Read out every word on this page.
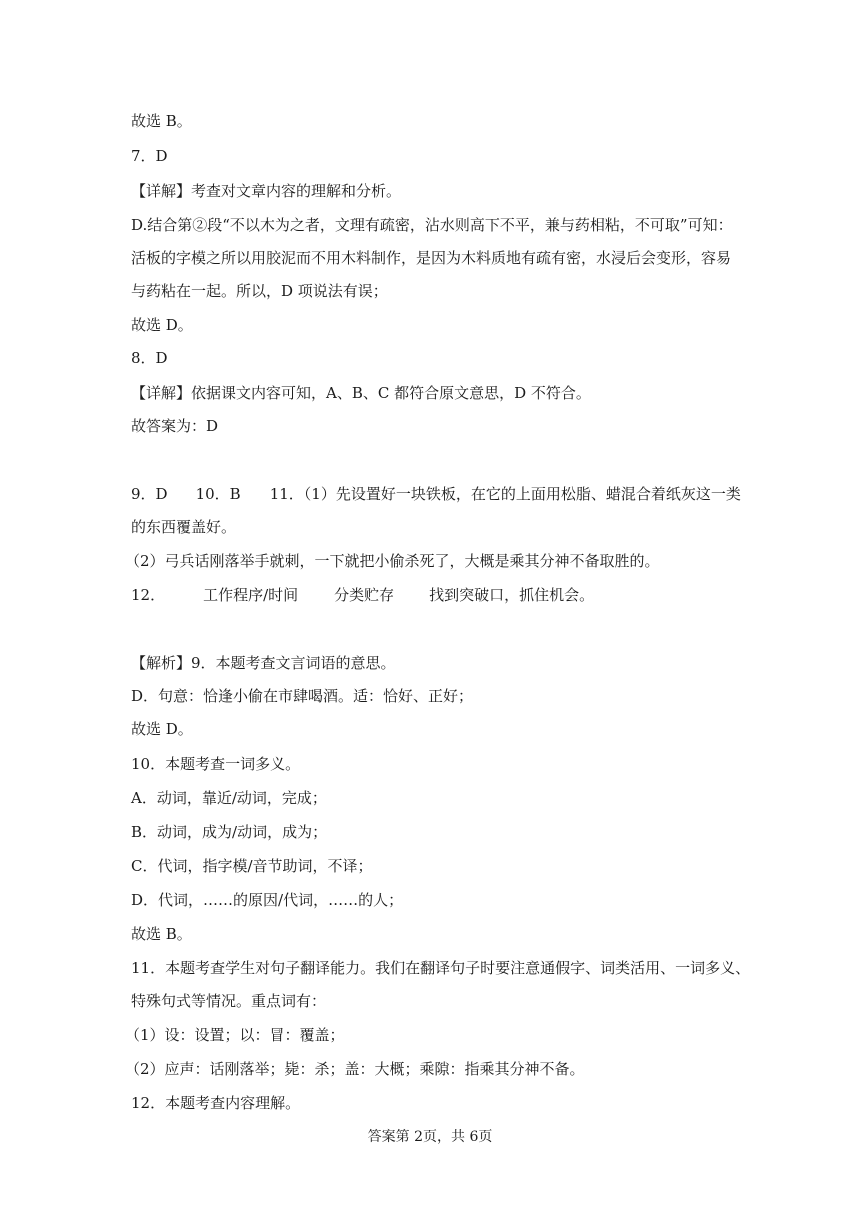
故选 B。
7．D
【详解】考查对文章内容的理解和分析。
D.结合第②段“不以木为之者，文理有疏密，沾水则高下不平，兼与药相粘，不可取”可知：
活板的字模之所以用胶泥而不用木料制作，是因为木料质地有疏有密，水浸后会变形，容易
与药粘在一起。所以，D 项说法有误；
故选 D。
8．D
【详解】依据课文内容可知，A、B、C 都符合原文意思，D 不符合。
故答案为：D
9．D 10．B 11．（1）先设置好一块铁板，在它的上面用松脂、蜡混合着纸灰这一类
的东西覆盖好。
（2）弓兵话刚落举手就刺，一下就把小偷杀死了，大概是乘其分神不备取胜的。
12．	工作程序/时间 分类贮存 找到突破口，抓住机会。
【解析】9．本题考查文言词语的意思。
D．句意：恰逢小偷在市肆喝酒。适：恰好、正好；
故选 D。
10．本题考查一词多义。
A．动词，靠近/动词，完成；
B．动词，成为/动词，成为；
C．代词，指字模/音节助词，不译；
D．代词，……的原因/代词，……的人；
故选 B。
11．本题考查学生对句子翻译能力。我们在翻译句子时要注意通假字、词类活用、一词多义、
特殊句式等情况。重点词有：
（1）设：设置；以：冒：覆盖；
（2）应声：话刚落举；毙：杀；盖：大概；乘隙：指乘其分神不备。
12．本题考查内容理解。
答案第 2页，共 6页
